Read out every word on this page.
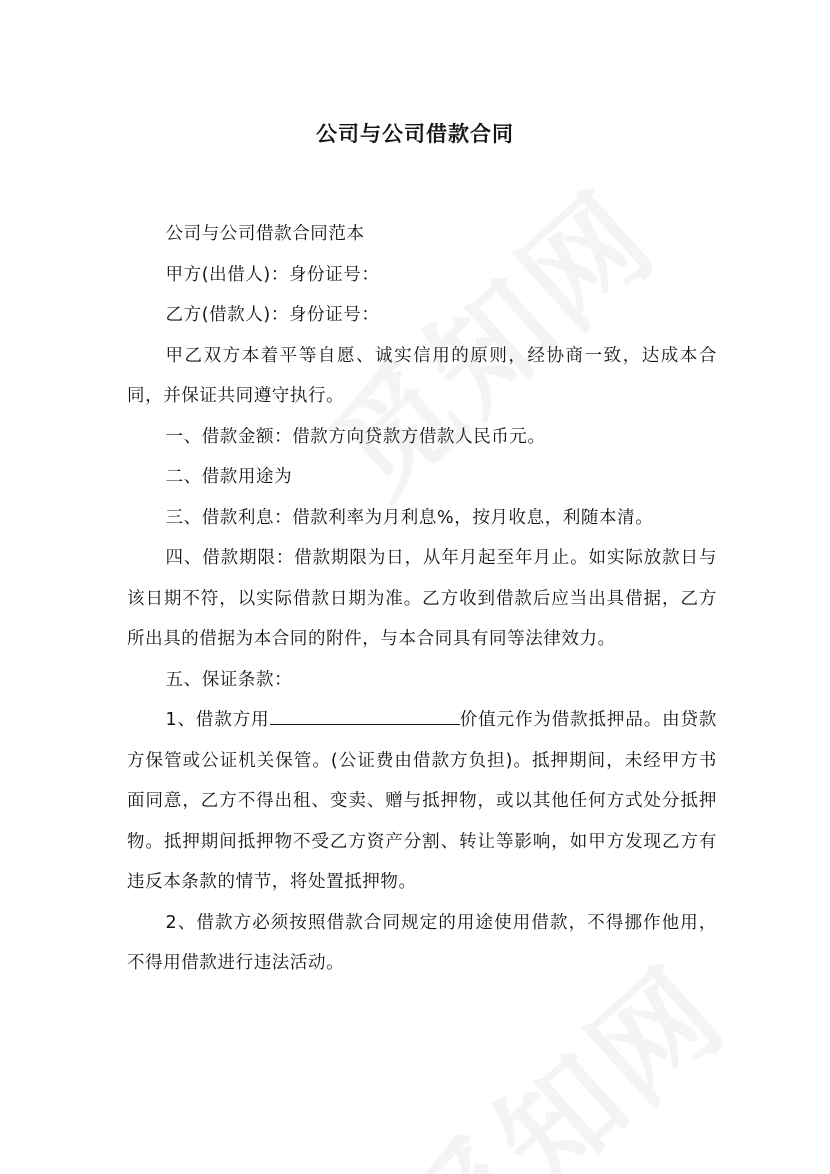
公司与公司借款合同

公司与公司借款合同范本

甲方(出借人)：身份证号：

乙方(借款人)：身份证号：

甲乙双方本着平等自愿、诚实信用的原则，经协商一致，达成本合同，并保证共同遵守执行。

一、借款金额：借款方向贷款方借款人民币元。

二、借款用途为

三、借款利息：借款利率为月利息%，按月收息，利随本清。

四、借款期限：借款期限为日，从年月起至年月止。如实际放款日与该日期不符，以实际借款日期为准。乙方收到借款后应当出具借据，乙方所出具的借据为本合同的附件，与本合同具有同等法律效力。

五、保证条款：

1、借款方用	价值元作为借款抵押品。由贷款方保管或公证机关保管。(公证费由借款方负担)。抵押期间，未经甲方书面同意，乙方不得出租、变卖、赠与抵押物，或以其他任何方式处分抵押物。抵押期间抵押物不受乙方资产分割、转让等影响，如甲方发现乙方有违反本条款的情节，将处置抵押物。

2、借款方必须按照借款合同规定的用途使用借款，不得挪作他用，不得用借款进行违法活动。
